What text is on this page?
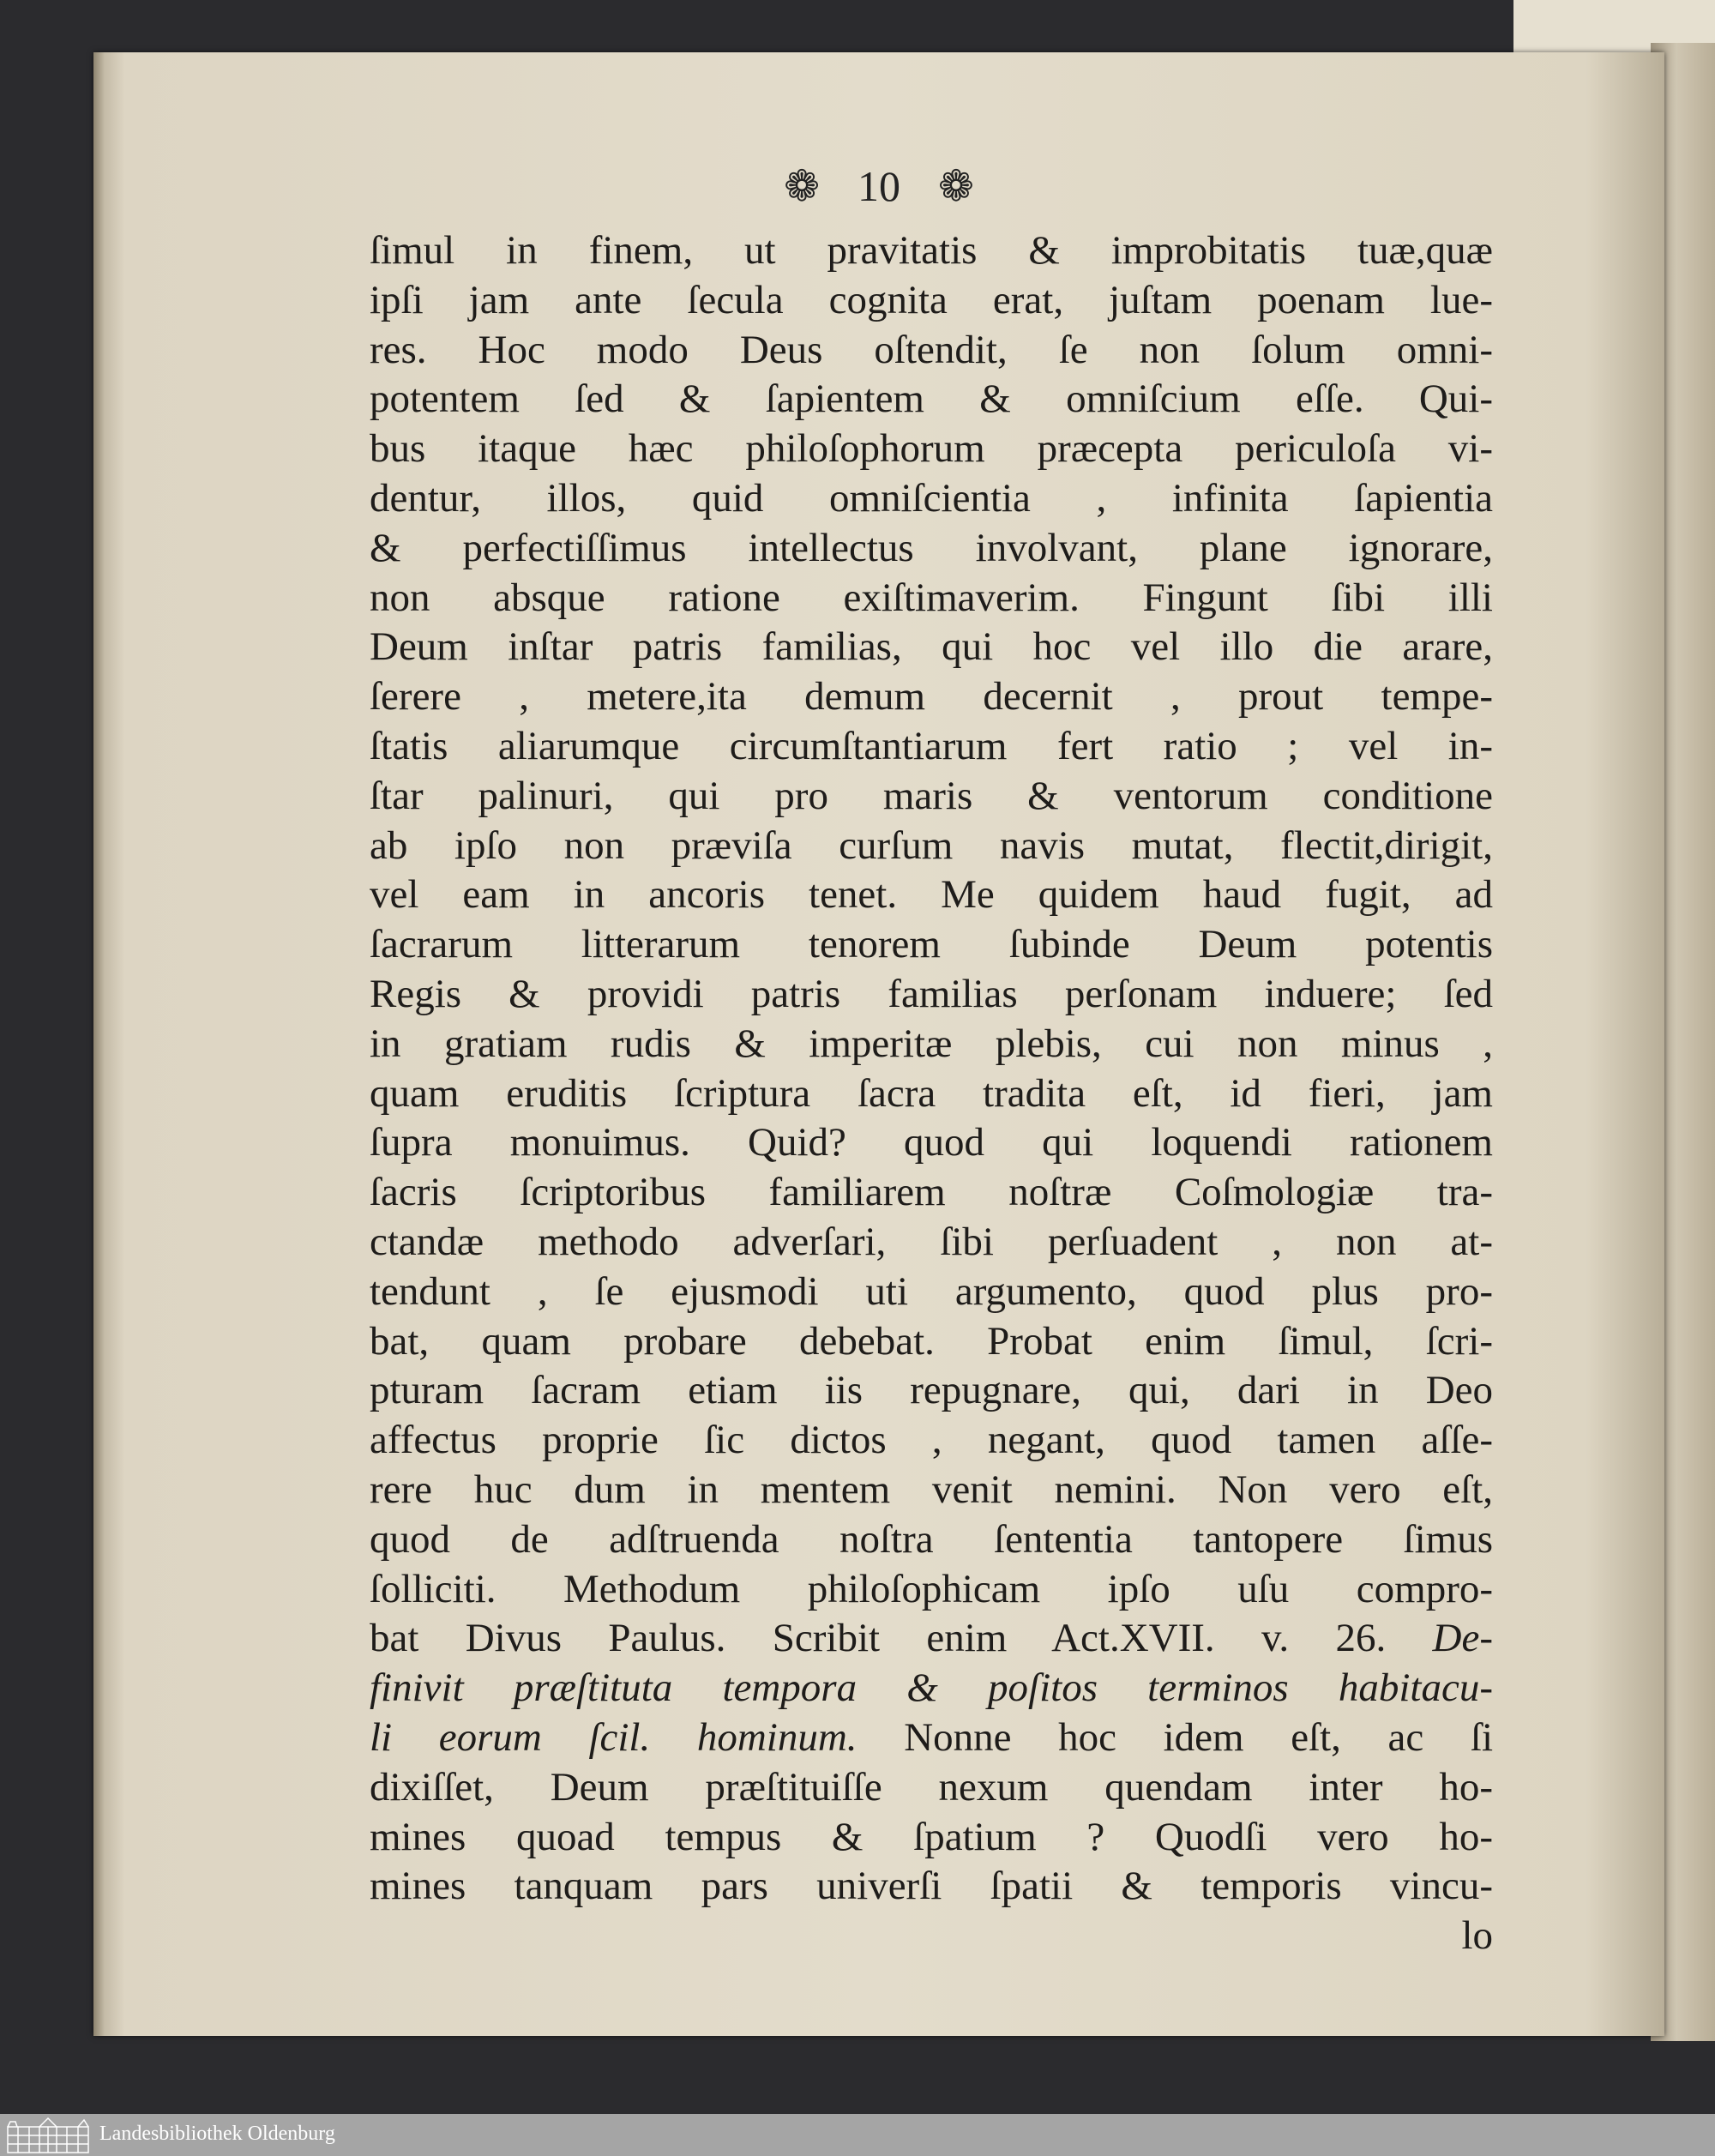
❁ 10 ❁
ſimul in finem, ut pravitatis & improbitatis tuæ,quæ
ipſi jam ante ſecula cognita erat, juſtam poenam lue-
res. Hoc modo Deus oſtendit, ſe non ſolum omni-
potentem ſed & ſapientem & omniſcium eſſe. Qui-
bus itaque hæc philoſophorum præcepta periculoſa vi-
dentur, illos, quid omniſcientia , infinita ſapientia
& perfectiſſimus intellectus involvant, plane ignorare,
non absque ratione exiſtimaverim. Fingunt ſibi illi
Deum inſtar patris familias, qui hoc vel illo die arare,
ſerere , metere,ita demum decernit , prout tempe-
ſtatis aliarumque circumſtantiarum fert ratio ; vel in-
ſtar palinuri, qui pro maris & ventorum conditione
ab ipſo non præviſa curſum navis mutat, flectit,dirigit,
vel eam in ancoris tenet. Me quidem haud fugit, ad
ſacrarum litterarum tenorem ſubinde Deum potentis
Regis & providi patris familias perſonam induere; ſed
in gratiam rudis & imperitæ plebis, cui non minus ,
quam eruditis ſcriptura ſacra tradita eſt, id fieri, jam
ſupra monuimus. Quid? quod qui loquendi rationem
ſacris ſcriptoribus familiarem noſtræ Coſmologiæ tra-
ctandæ methodo adverſari, ſibi perſuadent , non at-
tendunt , ſe ejusmodi uti argumento, quod plus pro-
bat, quam probare debebat. Probat enim ſimul, ſcri-
pturam ſacram etiam iis repugnare, qui, dari in Deo
affectus proprie ſic dictos , negant, quod tamen aſſe-
rere huc dum in mentem venit nemini. Non vero eſt,
quod de adſtruenda noſtra ſententia tantopere ſimus
ſolliciti. Methodum philoſophicam ipſo uſu compro-
bat Divus Paulus. Scribit enim Act.XVII. v. 26. De-
finivit præſtituta tempora & poſitos terminos habitacu-
li eorum ſcil. hominum. Nonne hoc idem eſt, ac ſi
dixiſſet, Deum præſtituiſſe nexum quendam inter ho-
mines quoad tempus & ſpatium ? Quodſi vero ho-
mines tanquam pars univerſi ſpatii & temporis vincu-
lo
Landesbibliothek Oldenburg
